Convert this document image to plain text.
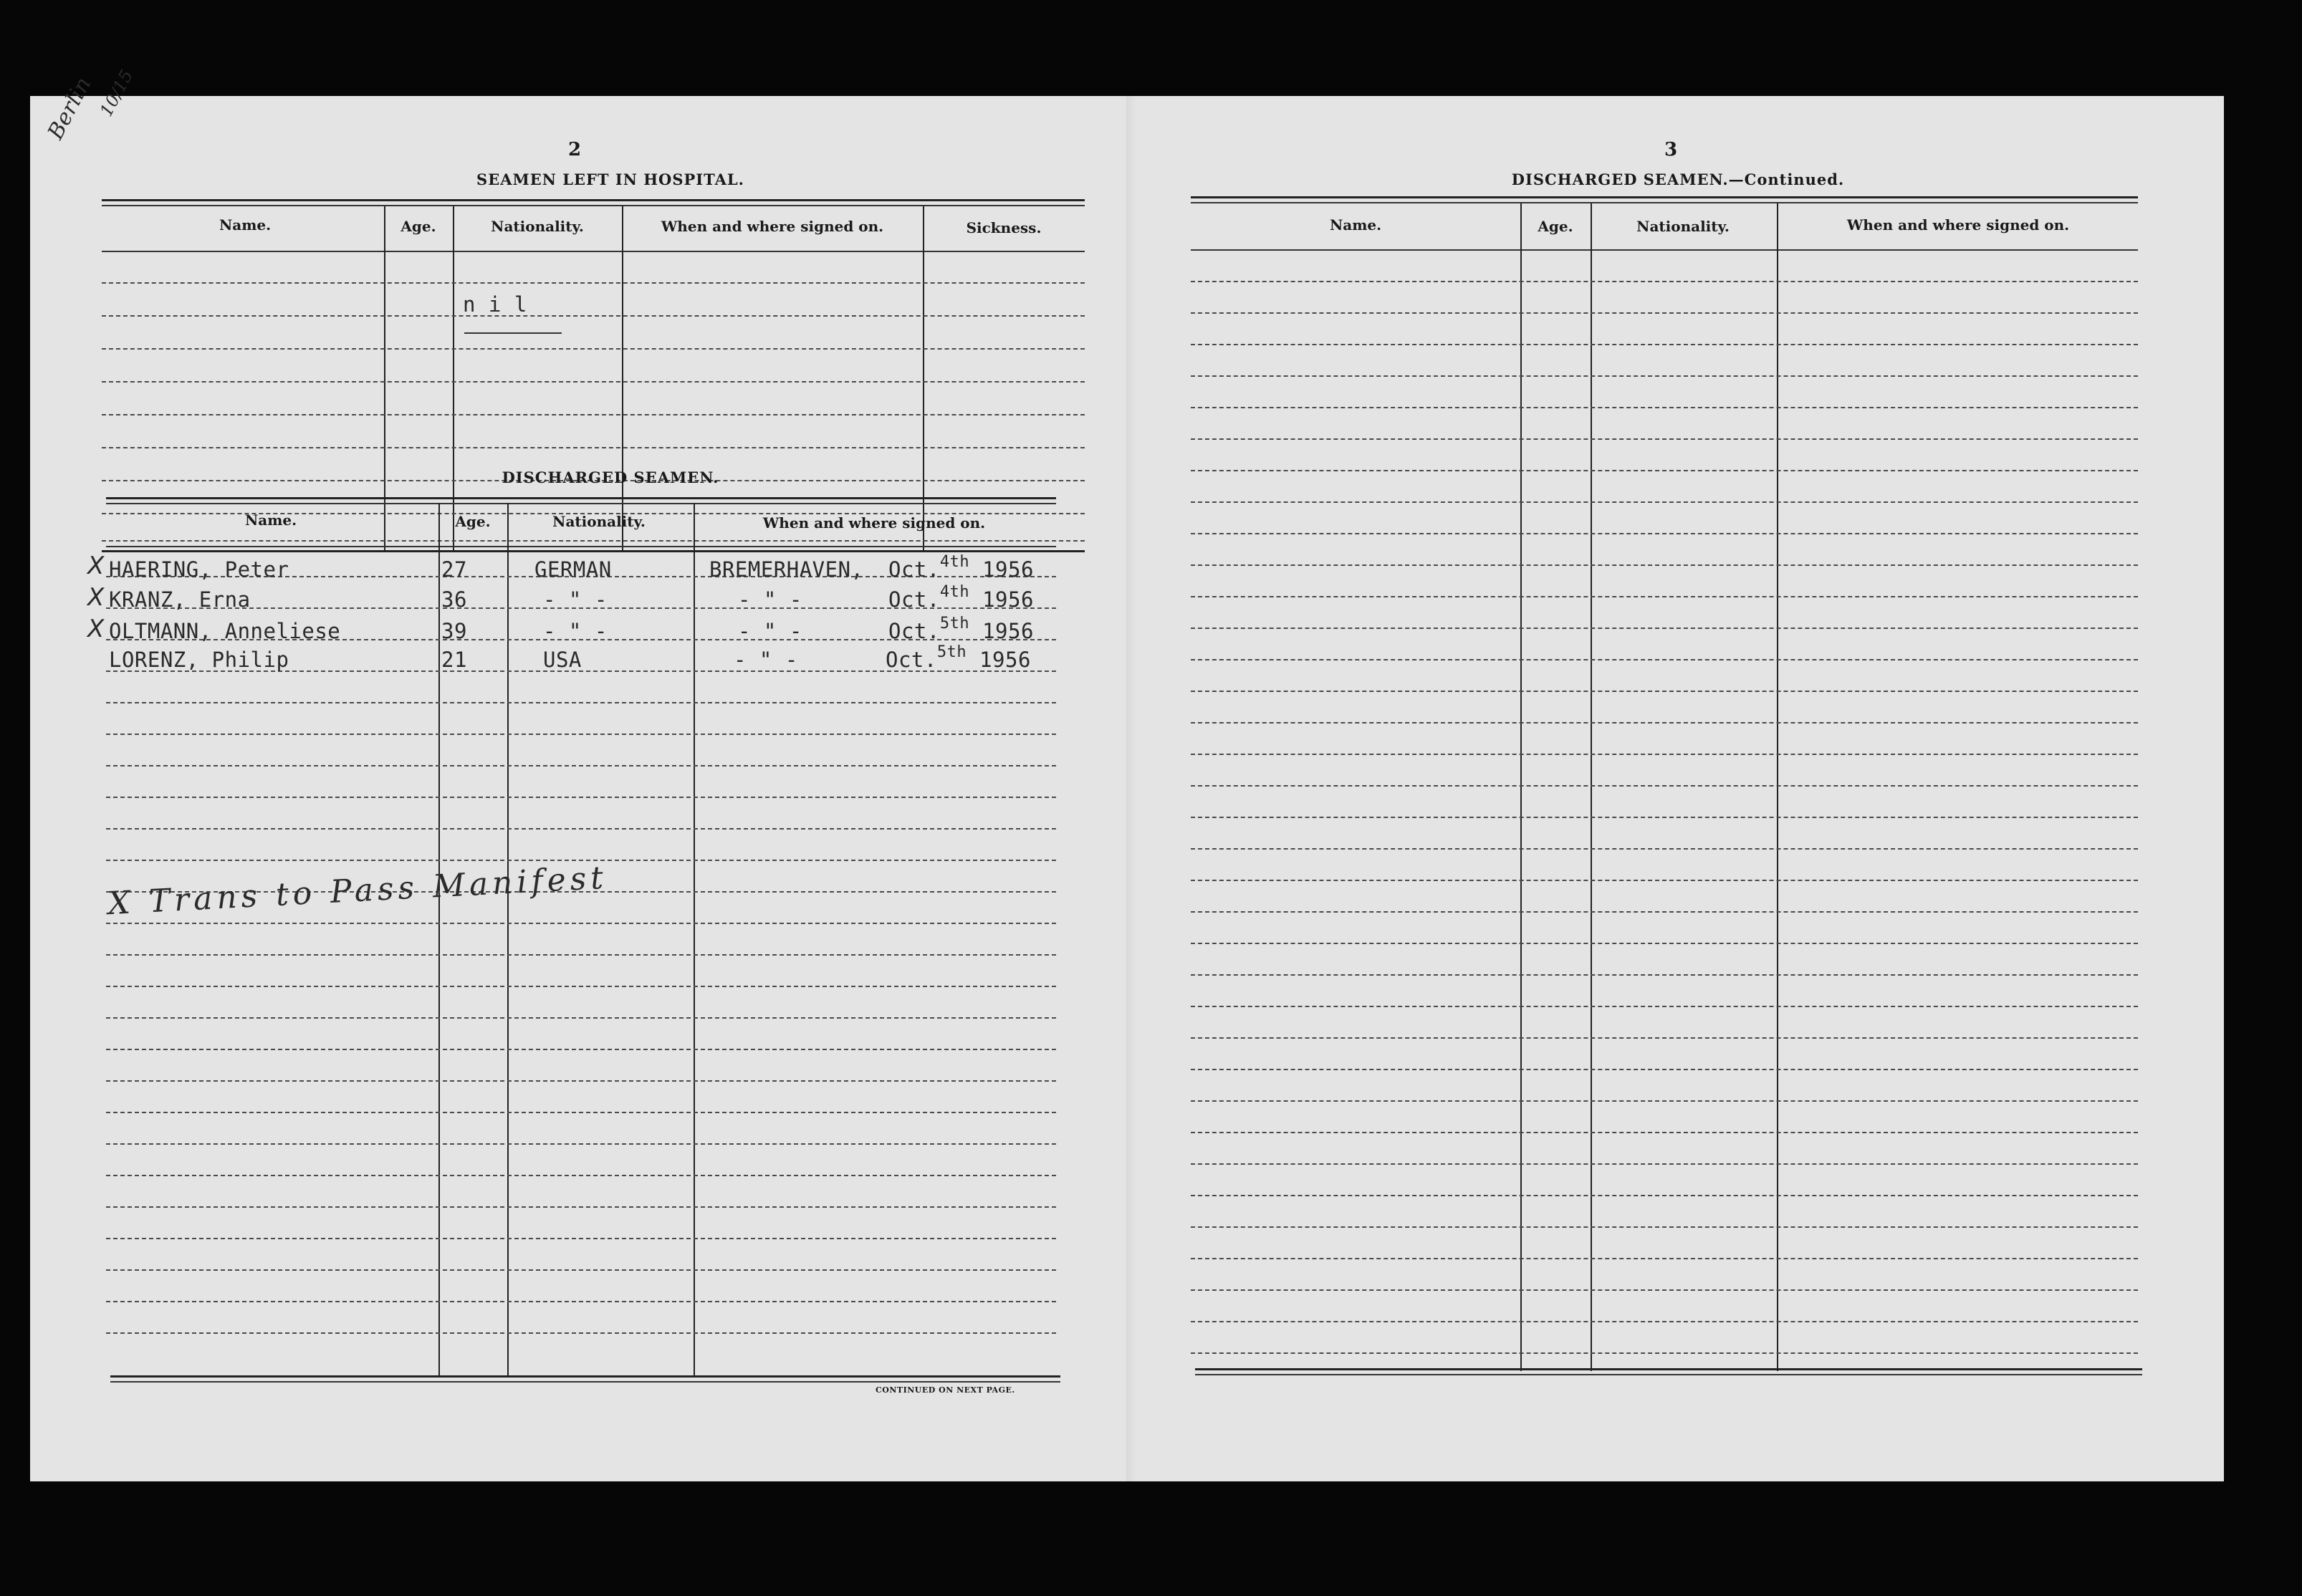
Berlin 10/15
2
SEAMEN LEFT IN HOSPITAL.
Name.	Age.	Nationality.	When and where signed on.	Sickness.
n i l
DISCHARGED SEAMEN.
3
DISCHARGED SEAMEN.—Continued.
Name.	Age.	Nationality.	When and where signed on.
X HAERING, Peter	27	GERMAN	BREMERHAVEN, Oct.$^{4th}$ 1956
X KRANZ, Erna	36	- " -	- " -	Oct.$^{4th}$ 1956
X OLTMANN, Anneliese	39	- " -	- " -	Oct.$^{5th}$ 1956
LORENZ, Philip	21	USA	- " -	Oct.$^{5th}$ 1956
X Trans to Pass Manifest
CONTINUED ON NEXT PAGE.
Name.	Age.	Nationality.	When and where signed on.
